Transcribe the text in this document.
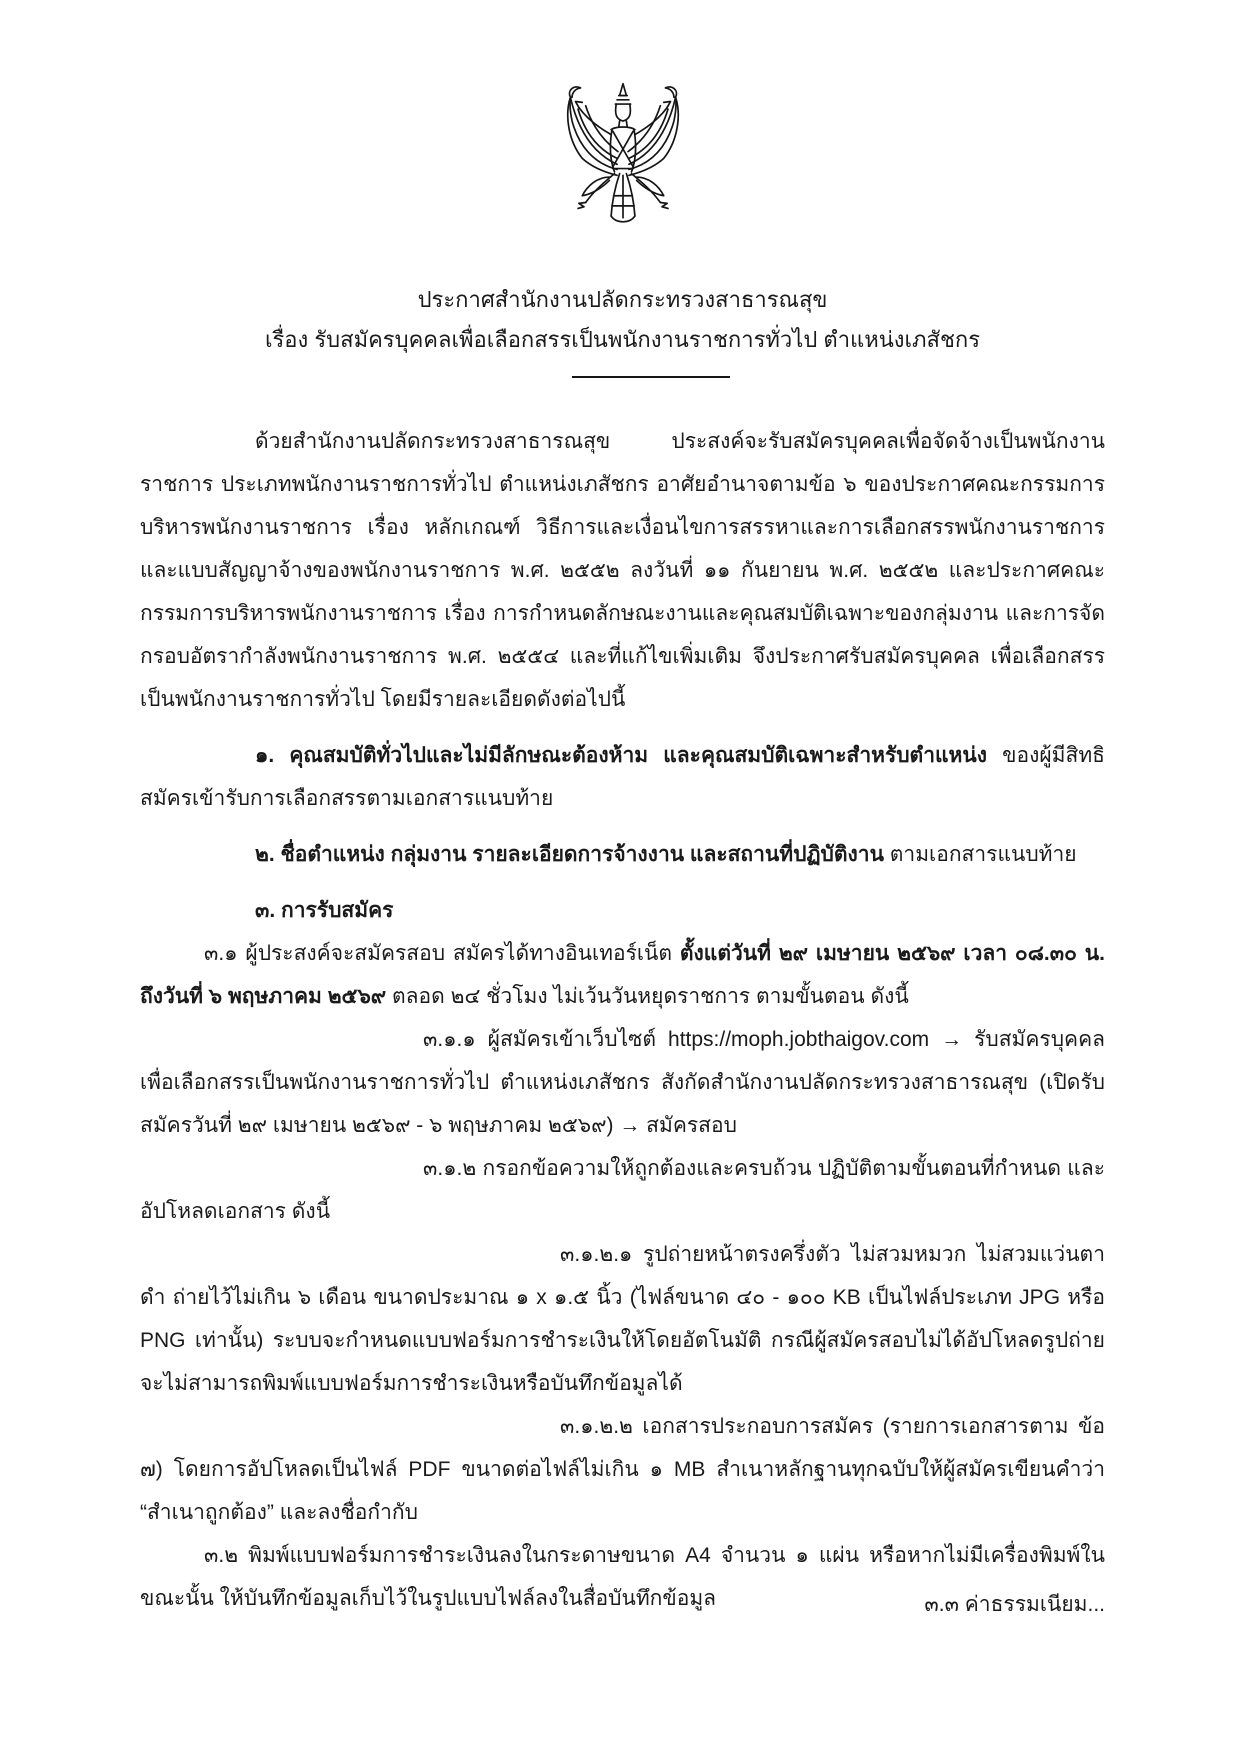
ประกาศสำนักงานปลัดกระทรวงสาธารณสุข
เรื่อง รับสมัครบุคคลเพื่อเลือกสรรเป็นพนักงานราชการทั่วไป ตำแหน่งเภสัชกร
ด้วยสำนักงานปลัดกระทรวงสาธารณสุข ประสงค์จะรับสมัครบุคคลเพื่อจัดจ้างเป็นพนักงานราชการ ประเภทพนักงานราชการทั่วไป ตำแหน่งเภสัชกร อาศัยอำนาจตามข้อ ๖ ของประกาศคณะกรรมการบริหารพนักงานราชการ เรื่อง หลักเกณฑ์ วิธีการและเงื่อนไขการสรรหาและการเลือกสรรพนักงานราชการ และแบบสัญญาจ้างของพนักงานราชการ พ.ศ. ๒๕๕๒ ลงวันที่ ๑๑ กันยายน พ.ศ. ๒๕๕๒ และประกาศคณะกรรมการบริหารพนักงานราชการ เรื่อง การกำหนดลักษณะงานและคุณสมบัติเฉพาะของกลุ่มงาน และการจัดกรอบอัตรากำลังพนักงานราชการ พ.ศ. ๒๕๕๔ และที่แก้ไขเพิ่มเติม จึงประกาศรับสมัครบุคคล เพื่อเลือกสรรเป็นพนักงานราชการทั่วไป โดยมีรายละเอียดดังต่อไปนี้
๑. คุณสมบัติทั่วไปและไม่มีลักษณะต้องห้าม และคุณสมบัติเฉพาะสำหรับตำแหน่ง ของผู้มีสิทธิสมัครเข้ารับการเลือกสรรตามเอกสารแนบท้าย
๒. ชื่อตำแหน่ง กลุ่มงาน รายละเอียดการจ้างงาน และสถานที่ปฏิบัติงาน ตามเอกสารแนบท้าย
๓. การรับสมัคร
๓.๑ ผู้ประสงค์จะสมัครสอบ สมัครได้ทางอินเทอร์เน็ต ตั้งแต่วันที่ ๒๙ เมษายน ๒๕๖๙ เวลา ๐๘.๓๐ น. ถึงวันที่ ๖ พฤษภาคม ๒๕๖๙ ตลอด ๒๔ ชั่วโมง ไม่เว้นวันหยุดราชการ ตามขั้นตอน ดังนี้
๓.๑.๑ ผู้สมัครเข้าเว็บไซต์ https://moph.jobthaigov.com → รับสมัครบุคคลเพื่อเลือกสรรเป็นพนักงานราชการทั่วไป ตำแหน่งเภสัชกร สังกัดสำนักงานปลัดกระทรวงสาธารณสุข (เปิดรับสมัครวันที่ ๒๙ เมษายน ๒๕๖๙ - ๖ พฤษภาคม ๒๕๖๙) → สมัครสอบ
๓.๑.๒ กรอกข้อความให้ถูกต้องและครบถ้วน ปฏิบัติตามขั้นตอนที่กำหนด และอัปโหลดเอกสาร ดังนี้
๓.๑.๒.๑ รูปถ่ายหน้าตรงครึ่งตัว ไม่สวมหมวก ไม่สวมแว่นตาดำ ถ่ายไว้ไม่เกิน ๖ เดือน ขนาดประมาณ ๑ x ๑.๕ นิ้ว (ไฟล์ขนาด ๔๐ - ๑๐๐ KB เป็นไฟล์ประเภท JPG หรือ PNG เท่านั้น) ระบบจะกำหนดแบบฟอร์มการชำระเงินให้โดยอัตโนมัติ กรณีผู้สมัครสอบไม่ได้อัปโหลดรูปถ่าย จะไม่สามารถพิมพ์แบบฟอร์มการชำระเงินหรือบันทึกข้อมูลได้
๓.๑.๒.๒ เอกสารประกอบการสมัคร (รายการเอกสารตาม ข้อ ๗) โดยการอัปโหลดเป็นไฟล์ PDF ขนาดต่อไฟล์ไม่เกิน ๑ MB สำเนาหลักฐานทุกฉบับให้ผู้สมัครเขียนคำว่า “สำเนาถูกต้อง” และลงชื่อกำกับ
๓.๒ พิมพ์แบบฟอร์มการชำระเงินลงในกระดาษขนาด A4 จำนวน ๑ แผ่น หรือหากไม่มีเครื่องพิมพ์ในขณะนั้น ให้บันทึกข้อมูลเก็บไว้ในรูปแบบไฟล์ลงในสื่อบันทึกข้อมูล	๓.๓ ค่าธรรมเนียม...
